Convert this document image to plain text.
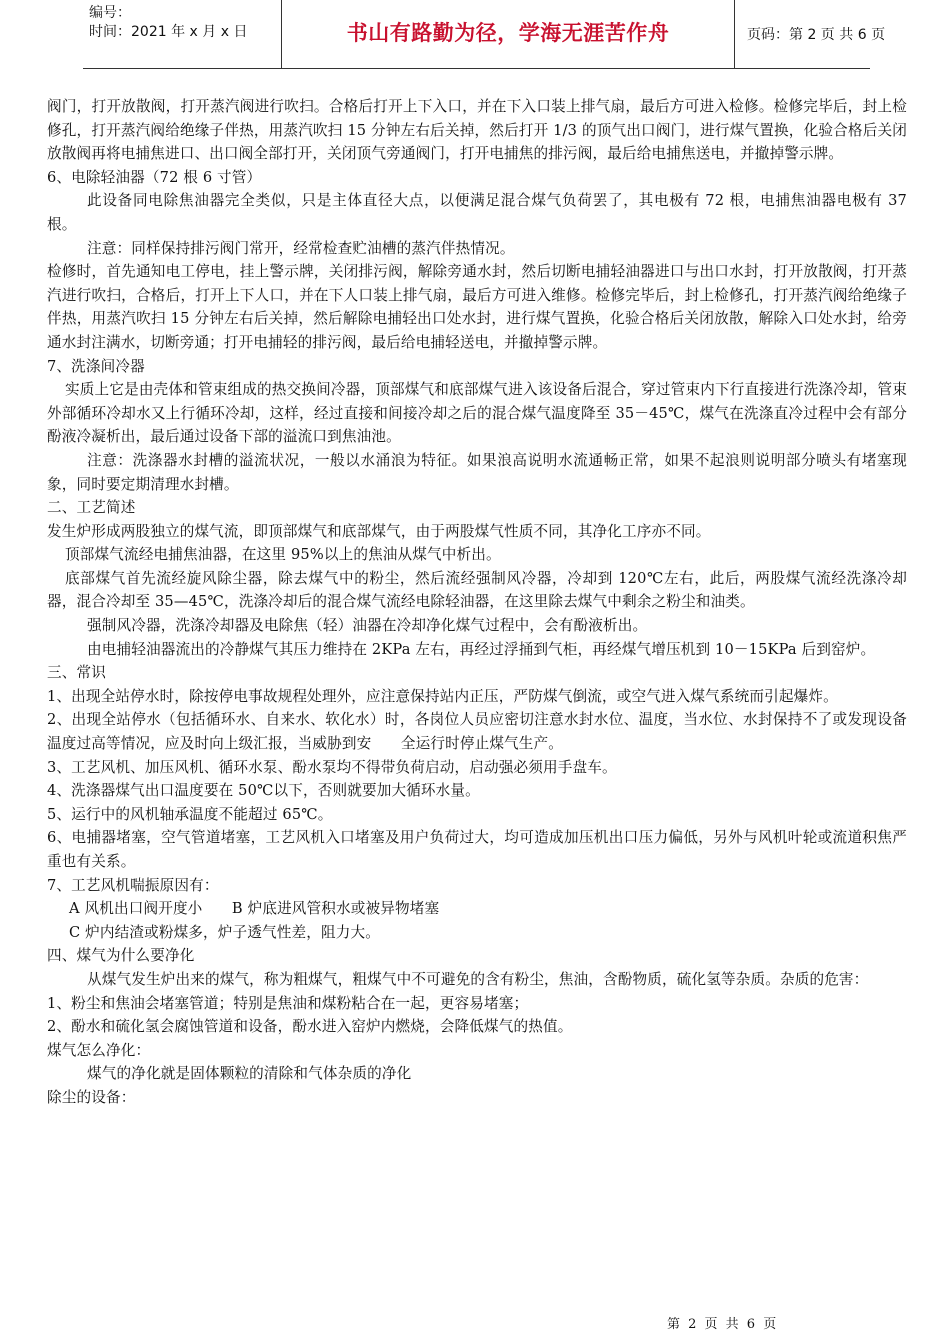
编号：
时间：2021 年 x 月 x 日	书山有路勤为径，学海无涯苦作舟	页码：第 2 页 共 6 页

阀门，打开放散阀，打开蒸汽阀进行吹扫。合格后打开上下入口，并在下入口装上排气扇，最后方可进入检修。检修完毕后，封上检修孔，打开蒸汽阀给绝缘子伴热，用蒸汽吹扫 15 分钟左右后关掉，然后打开 1/3 的顶气出口阀门，进行煤气置换，化验合格后关闭放散阀再将电捕焦进口、出口阀全部打开，关闭顶气旁通阀门，打开电捕焦的排污阀，最后给电捕焦送电，并撤掉警示牌。

6、电除轻油器（72 根 6 寸管）

此设备同电除焦油器完全类似，只是主体直径大点，以便满足混合煤气负荷罢了，其电极有 72 根，电捕焦油器电极有 37 根。

注意：同样保持排污阀门常开，经常检查贮油槽的蒸汽伴热情况。

检修时，首先通知电工停电，挂上警示牌，关闭排污阀，解除旁通水封，然后切断电捕轻油器进口与出口水封，打开放散阀，打开蒸汽进行吹扫，合格后，打开上下人口，并在下人口装上排气扇，最后方可进入维修。检修完毕后，封上检修孔，打开蒸汽阀给绝缘子伴热，用蒸汽吹扫 15 分钟左右后关掉，然后解除电捕轻出口处水封，进行煤气置换，化验合格后关闭放散，解除入口处水封，给旁通水封注满水，切断旁通；打开电捕轻的排污阀，最后给电捕轻送电，并撤掉警示牌。

7、洗涤间冷器

实质上它是由壳体和管束组成的热交换间冷器，顶部煤气和底部煤气进入该设备后混合，穿过管束内下行直接进行洗涤冷却，管束外部循环冷却水又上行循环冷却，这样，经过直接和间接冷却之后的混合煤气温度降至 35－45℃，煤气在洗涤直冷过程中会有部分酚液冷凝析出，最后通过设备下部的溢流口到焦油池。

注意：洗涤器水封槽的溢流状况，一般以水涌浪为特征。如果浪高说明水流通畅正常，如果不起浪则说明部分喷头有堵塞现象，同时要定期清理水封槽。

二、工艺简述

发生炉形成两股独立的煤气流，即顶部煤气和底部煤气，由于两股煤气性质不同，其净化工序亦不同。

顶部煤气流经电捕焦油器，在这里 95%以上的焦油从煤气中析出。

底部煤气首先流经旋风除尘器，除去煤气中的粉尘，然后流经强制风冷器，冷却到 120℃左右，此后，两股煤气流经洗涤冷却器，混合冷却至 35—45℃，洗涤冷却后的混合煤气流经电除轻油器，在这里除去煤气中剩余之粉尘和油类。

强制风冷器，洗涤冷却器及电除焦（轻）油器在冷却净化煤气过程中，会有酚液析出。

由电捕轻油器流出的冷静煤气其压力维持在 2KPa 左右，再经过浮捅到气柜，再经煤气增压机到 10－15KPa 后到窑炉。

三、常识

1、出现全站停水时，除按停电事故规程处理外，应注意保持站内正压，严防煤气倒流，或空气进入煤气系统而引起爆炸。

2、出现全站停水（包括循环水、自来水、软化水）时，各岗位人员应密切注意水封水位、温度，当水位、水封保持不了或发现设备温度过高等情况，应及时向上级汇报，当威胁到安　　全运行时停止煤气生产。

3、工艺风机、加压风机、循环水泵、酚水泵均不得带负荷启动，启动强必须用手盘车。

4、洗涤器煤气出口温度要在 50℃以下，否则就要加大循环水量。

5、运行中的风机轴承温度不能超过 65℃。

6、电捕器堵塞，空气管道堵塞，工艺风机入口堵塞及用户负荷过大，均可造成加压机出口压力偏低，另外与风机叶轮或流道积焦严重也有关系。

7、工艺风机喘振原因有：

A 风机出口阀开度小　　B 炉底进风管积水或被异物堵塞

C 炉内结渣或粉煤多，炉子透气性差，阻力大。

四、煤气为什么要净化

从煤气发生炉出来的煤气，称为粗煤气，粗煤气中不可避免的含有粉尘，焦油，含酚物质，硫化氢等杂质。杂质的危害：

1、粉尘和焦油会堵塞管道；特别是焦油和煤粉粘合在一起，更容易堵塞；

2、酚水和硫化氢会腐蚀管道和设备，酚水进入窑炉内燃烧，会降低煤气的热值。

煤气怎么净化：

煤气的净化就是固体颗粒的清除和气体杂质的净化

除尘的设备：

第 2 页 共 6 页
